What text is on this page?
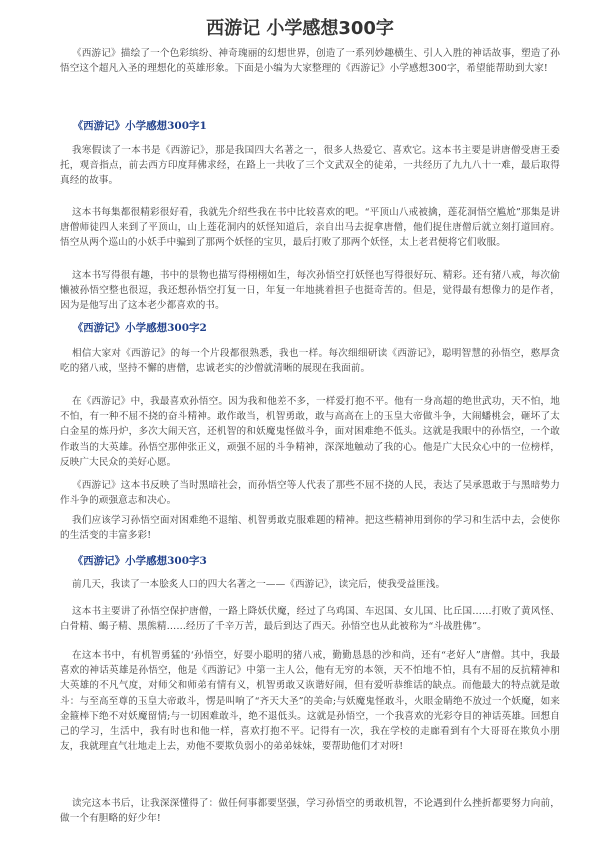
西游记 小学感想300字

《西游记》描绘了一个色彩缤纷、神奇瑰丽的幻想世界，创造了一系列妙趣横生、引人入胜的神话故事，塑造了孙悟空这个超凡入圣的理想化的英雄形象。下面是小编为大家整理的《西游记》小学感想300字，希望能帮助到大家!

《西游记》小学感想300字1

我寒假读了一本书是《西游记》，那是我国四大名著之一，很多人热爱它、喜欢它。这本书主要是讲唐僧受唐王委托，观音指点，前去西方印度拜佛求经，在路上一共收了三个文武双全的徒弟，一共经历了九九八十一难，最后取得真经的故事。

这本书每集都很精彩很好看，我就先介绍些我在书中比较喜欢的吧。“平顶山八戒被擒，莲花洞悟空尴尬”那集是讲唐僧师徒四人来到了平顶山，山上莲花洞内的妖怪知道后，亲自出马去捉拿唐僧，他们捉住唐僧后就立刻打道回府。悟空从两个巡山的小妖手中骗到了那两个妖怪的宝贝，最后打败了那两个妖怪，太上老君便将它们收服。

这本书写得很有趣，书中的景物也描写得栩栩如生，每次孙悟空打妖怪也写得很好玩、精彩。还有猪八戒，每次偷懒被孙悟空整也很逗，我还想孙悟空打复一日，年复一年地挑着担子也挺奇苦的。但是，觉得最有想像力的是作者，因为是他写出了这本老少都喜欢的书。

《西游记》小学感想300字2

相信大家对《西游记》的每一个片段都很熟悉，我也一样。每次细细研读《西游记》，聪明智慧的孙悟空，憨厚贪吃的猪八戒，坚持不懈的唐僧，忠诚老实的沙僧就清晰的展现在我面前。

在《西游记》中，我最喜欢孙悟空。因为我和他差不多，一样爱打抱不平。他有一身高超的绝世武功，天不怕，地不怕，有一种不屈不挠的奋斗精神。敢作敢当，机智勇敢，敢与高高在上的玉皇大帝做斗争，大闹蟠桃会，砸坏了太白金星的炼丹炉，多次大闹天宫，还机智的和妖魔鬼怪做斗争，面对困难绝不低头。这就是我眼中的孙悟空，一个敢作敢当的大英雄。孙悟空那伸张正义，顽强不屈的斗争精神，深深地触动了我的心。他是广大民众心中的一位榜样，反映广大民众的美好心愿。

《西游记》这本书反映了当时黑暗社会，而孙悟空等人代表了那些不屈不挠的人民，表达了吴承恩敢于与黑暗势力作斗争的顽强意志和决心。

我们应该学习孙悟空面对困难绝不退缩、机智勇敢克服难题的精神。把这些精神用到你的学习和生活中去，会使你的生活变的丰富多彩!

《西游记》小学感想300字3

前几天，我读了一本脍炙人口的四大名著之一——《西游记》，读完后，使我受益匪浅。

这本书主要讲了孙悟空保护唐僧，一路上降妖伏魔，经过了乌鸡国、车迟国、女儿国、比丘国……打败了黄风怪、白骨精、蝎子精、黑熊精……经历了千辛万苦，最后到达了西天。孙悟空也从此被称为“斗战胜佛”。

在这本书中，有机智勇猛的‘孙悟空，好耍小聪明的猪八戒，勤勤恳恳的沙和尚，还有“老好人”唐僧。其中，我最喜欢的神话英雄是孙悟空，他是《西游记》中第一主人公，他有无穷的本领，天不怕地不怕，具有不屈的反抗精神和大英雄的不凡气度，对师父和师弟有情有义，机智勇敢又诙谐好闹，但有爱听恭维话的缺点。而他最大的特点就是敢斗：与至高至尊的玉皇大帝敢斗，愣是叫响了“齐天大圣”的美命;与妖魔鬼怪敢斗，火眼金睛绝不放过一个妖魔，如来金箍棒下绝不对妖魔留情;与一切困难敢斗，绝不退低头。这就是孙悟空，一个我喜欢的光彩夺目的神话英雄。回想自己的学习，生活中，我有时也和他一样，喜欢打抱不平。记得有一次，我在学校的走廊看到有个大哥哥在欺负小朋友，我就理直气壮地走上去，劝他不要欺负弱小的弟弟妹妹，要帮助他们才对呀!

读完这本书后，让我深深懂得了：做任何事都要坚强，学习孙悟空的勇敢机智，不论遇到什么挫折都要努力向前，做一个有胆略的好少年!
